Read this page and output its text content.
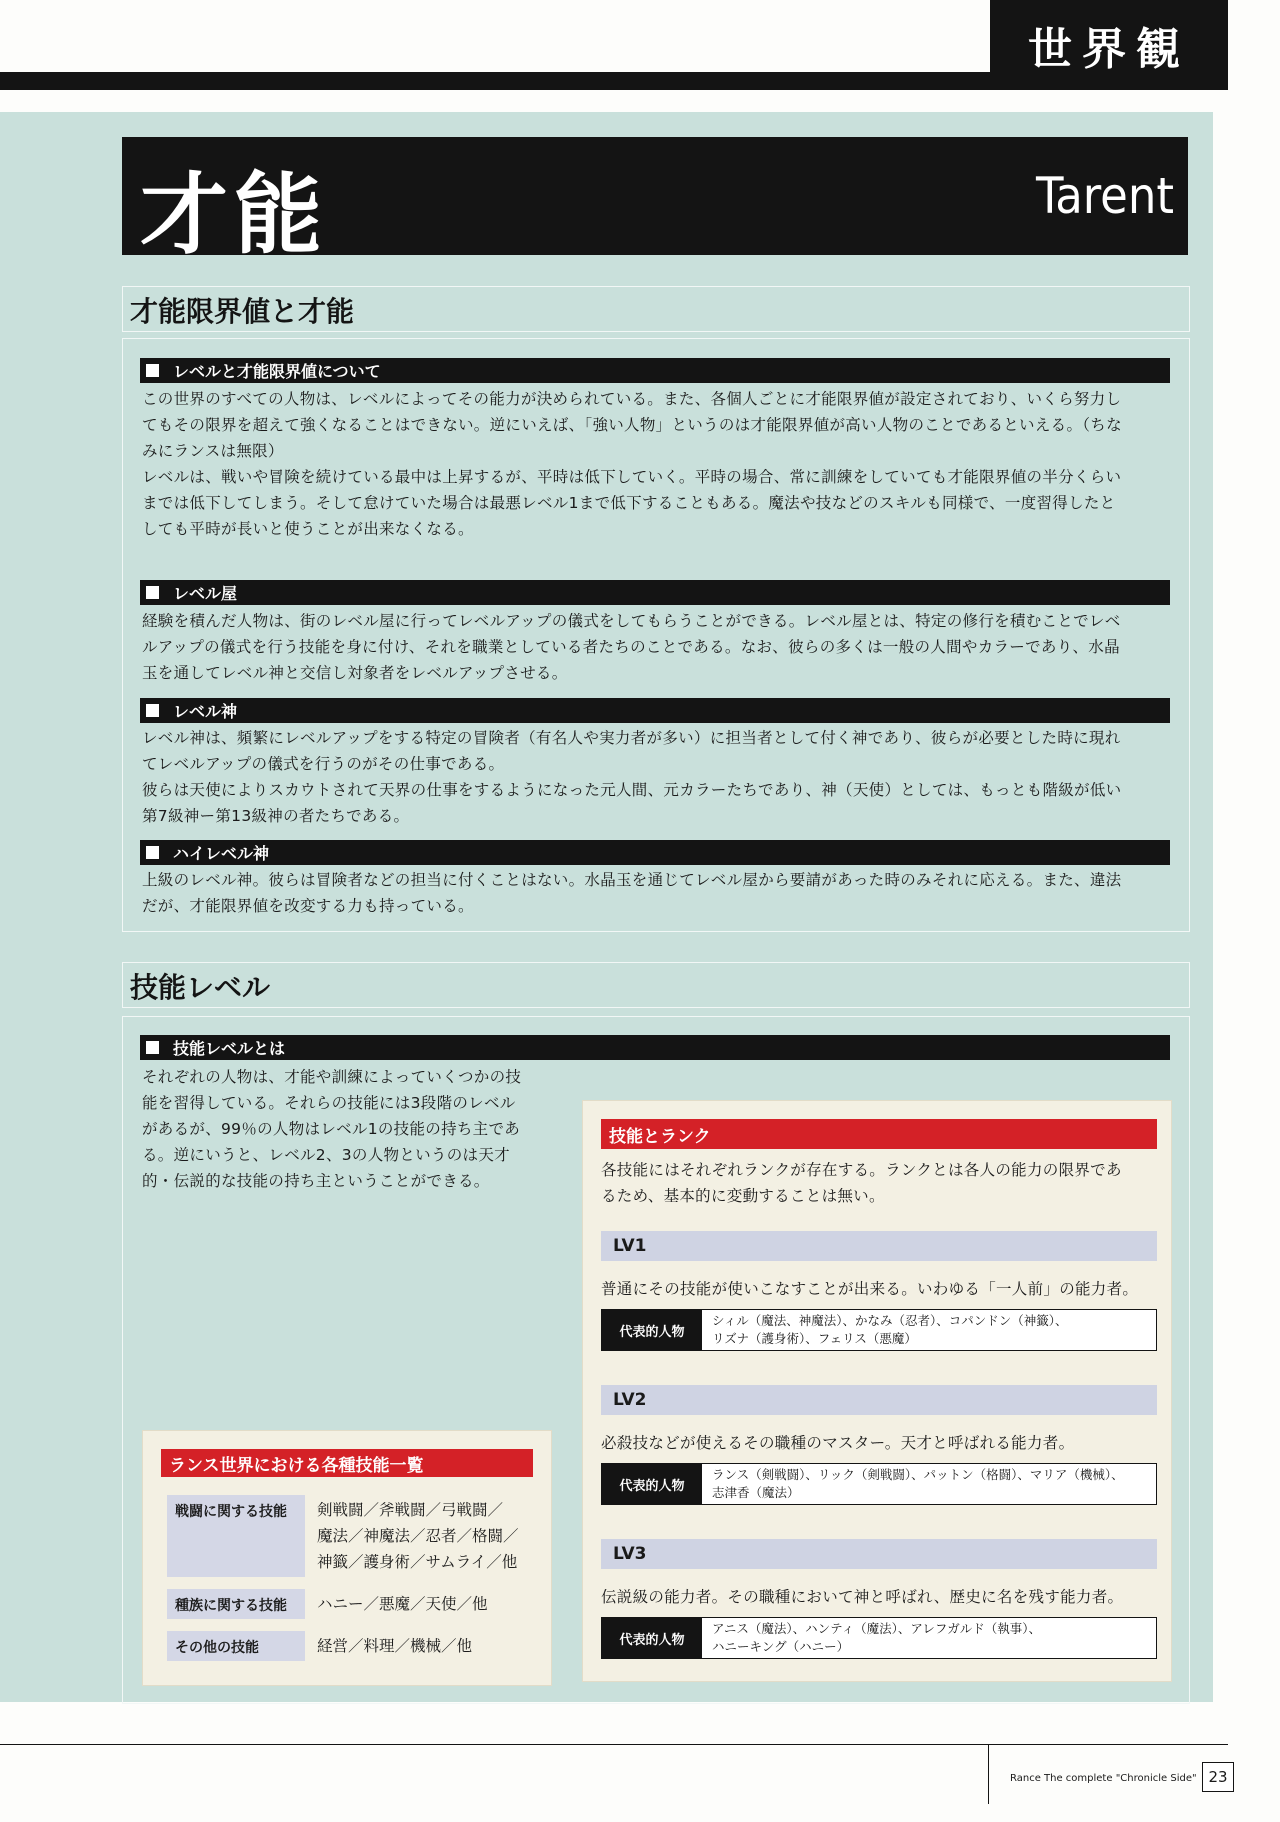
世界観
才能	Tarent
才能限界値と才能
レベルと才能限界値について

この世界のすべての人物は、レベルによってその能力が決められている。また、各個人ごとに才能限界値が設定されており、いくら努力し

てもその限界を超えて強くなることはできない。逆にいえば、「強い人物」というのは才能限界値が高い人物のことであるといえる。（ちな

みにランスは無限）

レベルは、戦いや冒険を続けている最中は上昇するが、平時は低下していく。平時の場合、常に訓練をしていても才能限界値の半分くらい

までは低下してしまう。そして怠けていた場合は最悪レベル1まで低下することもある。魔法や技などのスキルも同様で、一度習得したと

しても平時が長いと使うことが出来なくなる。

レベル屋

経験を積んだ人物は、街のレベル屋に行ってレベルアップの儀式をしてもらうことができる。レベル屋とは、特定の修行を積むことでレベ

ルアップの儀式を行う技能を身に付け、それを職業としている者たちのことである。なお、彼らの多くは一般の人間やカラーであり、水晶

玉を通してレベル神と交信し対象者をレベルアップさせる。

レベル神

レベル神は、頻繁にレベルアップをする特定の冒険者（有名人や実力者が多い）に担当者として付く神であり、彼らが必要とした時に現れ

てレベルアップの儀式を行うのがその仕事である。

彼らは天使によりスカウトされて天界の仕事をするようになった元人間、元カラーたちであり、神（天使）としては、もっとも階級が低い

第7級神ー第13級神の者たちである。

ハイレベル神

上級のレベル神。彼らは冒険者などの担当に付くことはない。水晶玉を通じてレベル屋から要請があった時のみそれに応える。また、違法

だが、才能限界値を改変する力も持っている。

技能レベル
技能レベルとは

それぞれの人物は、才能や訓練によっていくつかの技

能を習得している。それらの技能には3段階のレベル

があるが、99％の人物はレベル1の技能の持ち主であ

る。逆にいうと、レベル2、3の人物というのは天才

的・伝説的な技能の持ち主ということができる。

技能とランク
各技能にはそれぞれランクが存在する。ランクとは各人の能力の限界であ
るため、基本的に変動することは無い。
LV1
普通にその技能が使いこなすことが出来る。いわゆる「一人前」の能力者。
代表的人物
シィル（魔法、神魔法）、かなみ（忍者）、コパンドン（神籤）、
リズナ（護身術）、フェリス（悪魔）
LV2
必殺技などが使えるその職種のマスター。天才と呼ばれる能力者。
代表的人物
ランス（剣戦闘）、リック（剣戦闘）、パットン（格闘）、マリア（機械）、
志津香（魔法）
LV3
伝説級の能力者。その職種において神と呼ばれ、歴史に名を残す能力者。
代表的人物
アニス（魔法）、ハンティ（魔法）、アレフガルド（執事）、
ハニーキング（ハニー）
ランス世界における各種技能一覧
戦闘に関する技能	剣戦闘／斧戦闘／弓戦闘／
魔法／神魔法／忍者／格闘／
神籤／護身術／サムライ／他
種族に関する技能	ハニー／悪魔／天使／他
その他の技能	経営／料理／機械／他
Rance The complete "Chronicle Side" 23
